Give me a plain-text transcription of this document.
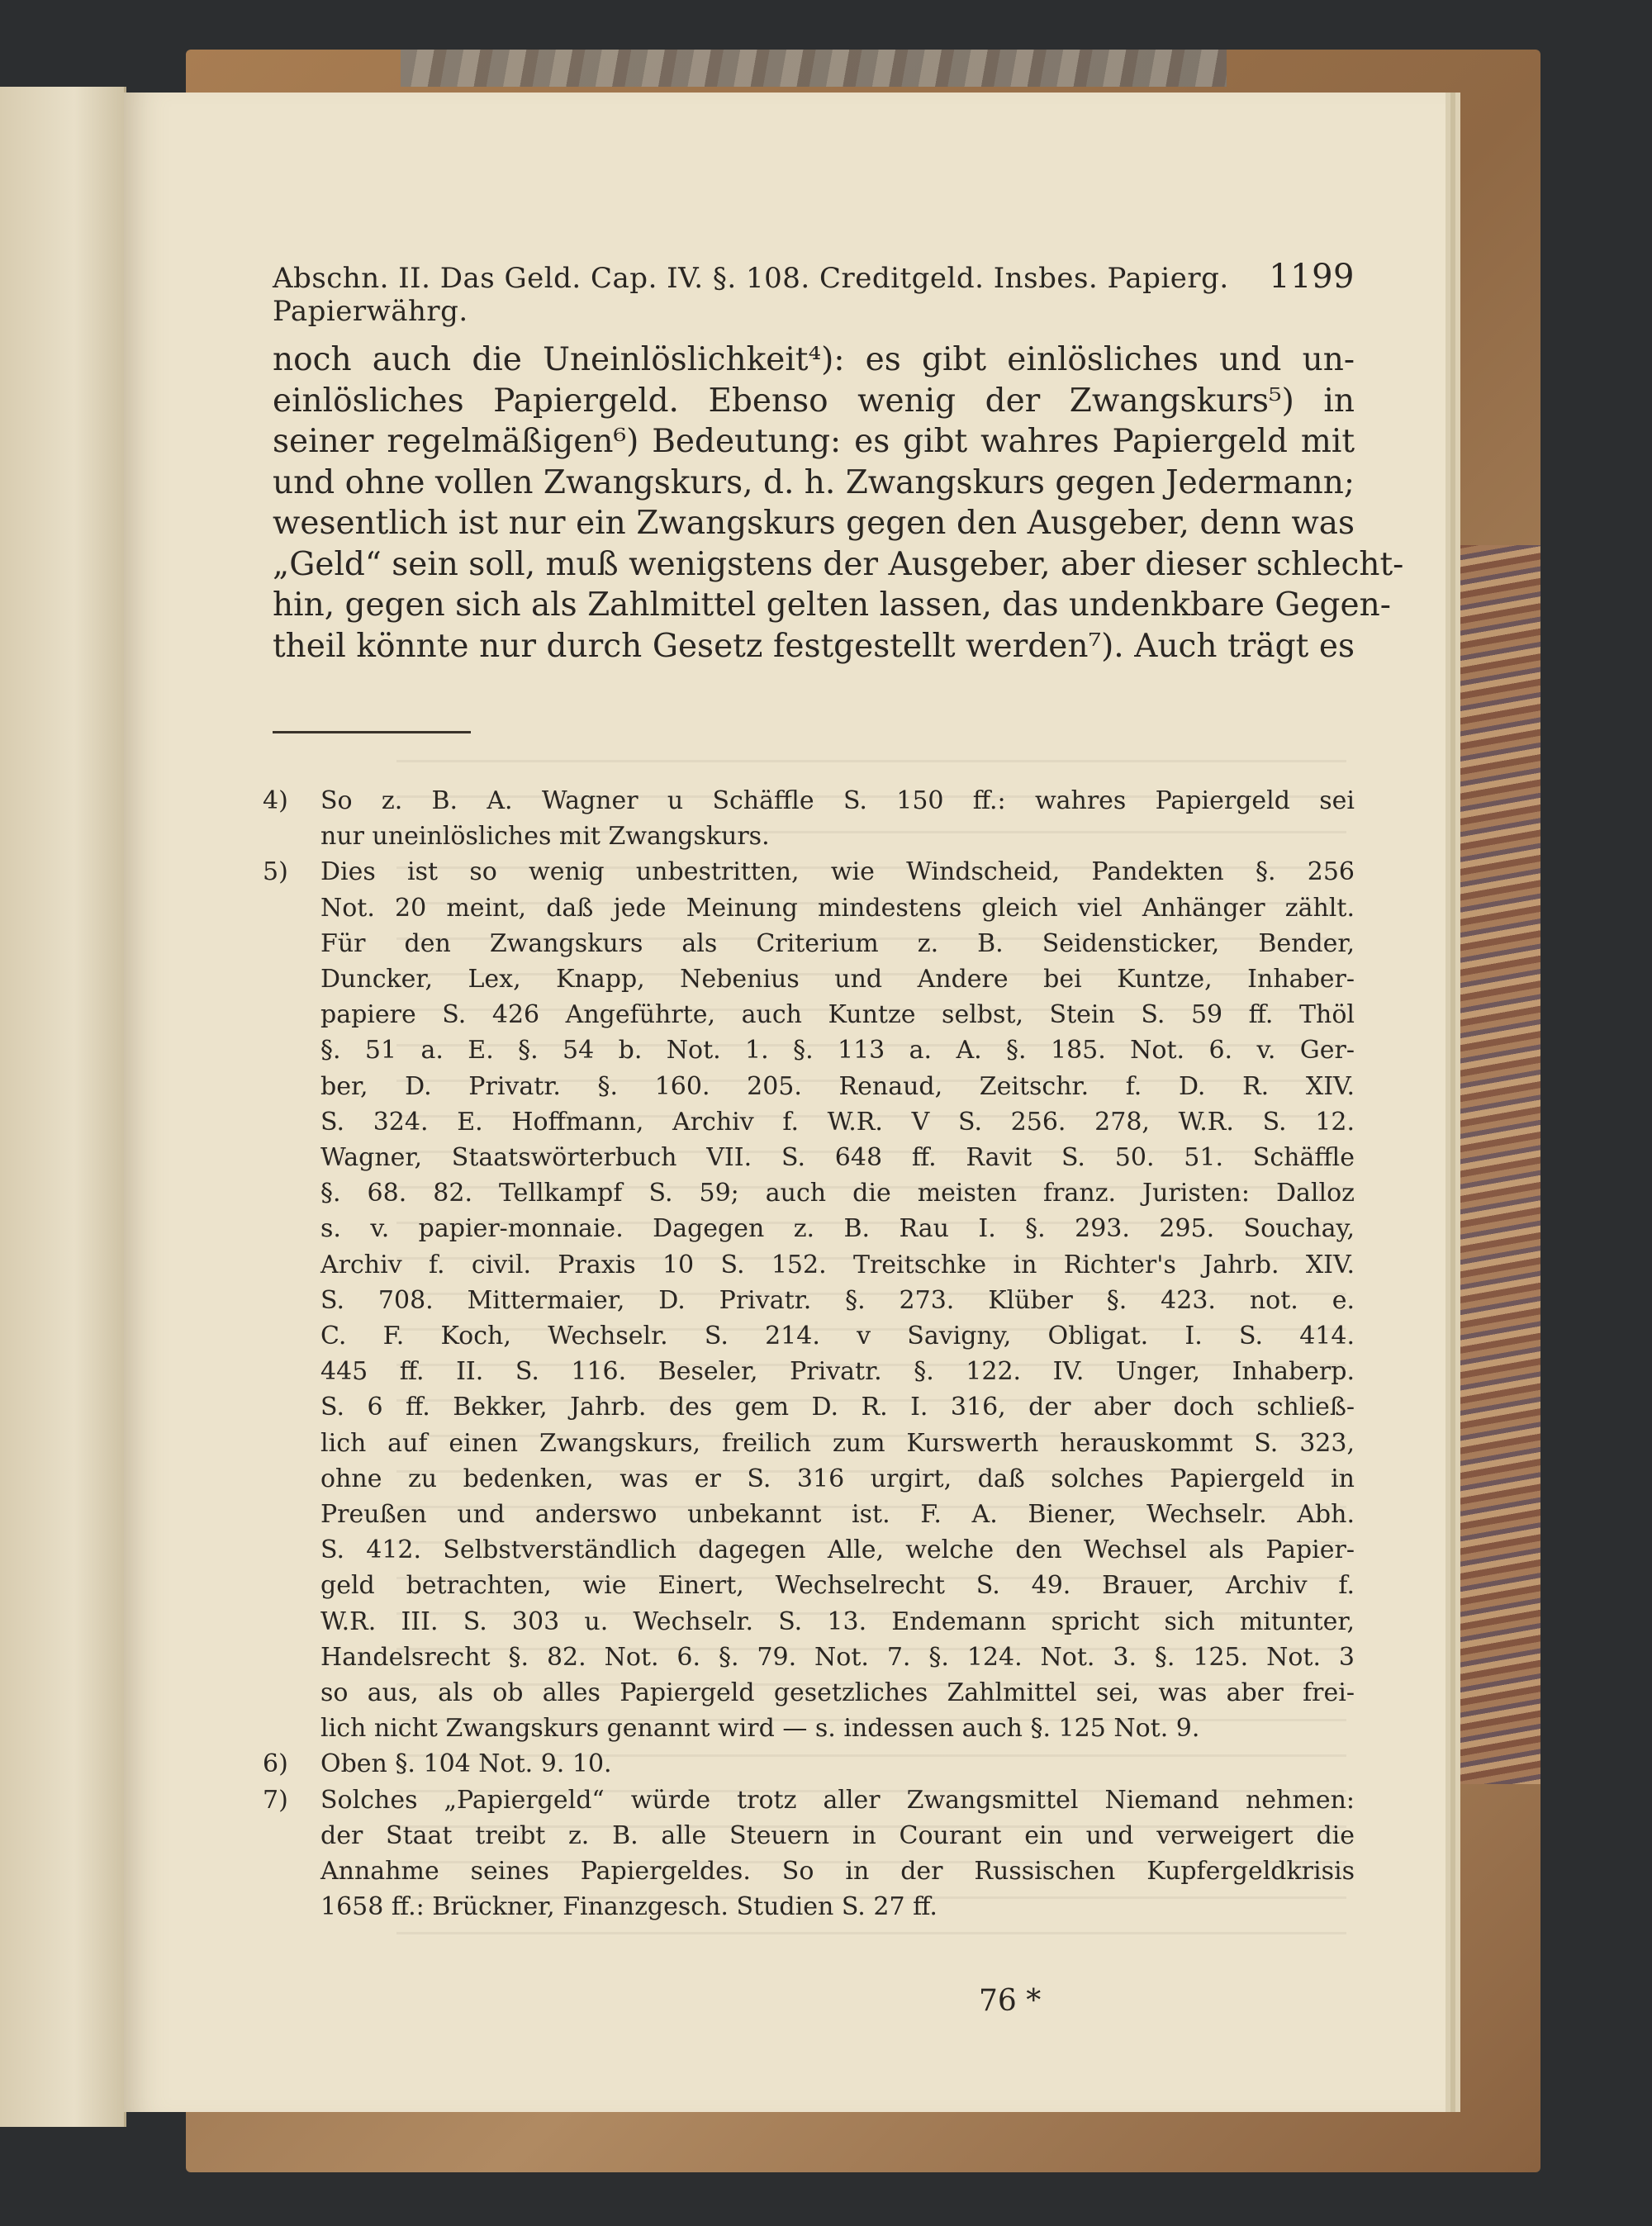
Abschn. II. Das Geld. Cap. IV. §. 108. Creditgeld. Insbes. Papierg. Papierwährg.
1199
noch auch die Uneinlöslichkeit⁴): es gibt einlösliches und un-
einlösliches Papiergeld. Ebenso wenig der Zwangskurs⁵) in
seiner regelmäßigen⁶) Bedeutung: es gibt wahres Papiergeld mit
und ohne vollen Zwangskurs, d. h. Zwangskurs gegen Jedermann;
wesentlich ist nur ein Zwangskurs gegen den Ausgeber, denn was
„Geld“ sein soll, muß wenigstens der Ausgeber, aber dieser schlecht-
hin, gegen sich als Zahlmittel gelten lassen, das undenkbare Gegen-
theil könnte nur durch Gesetz festgestellt werden⁷). Auch trägt es
4) So z. B. A. Wagner u Schäffle S. 150 ff.: wahres Papiergeld sei
nur uneinlösliches mit Zwangskurs.
5) Dies ist so wenig unbestritten, wie Windscheid, Pandekten §. 256
Not. 20 meint, daß jede Meinung mindestens gleich viel Anhänger zählt.
Für den Zwangskurs als Criterium z. B. Seidensticker, Bender,
Duncker, Lex, Knapp, Nebenius und Andere bei Kuntze, Inhaber-
papiere S. 426 Angeführte, auch Kuntze selbst, Stein S. 59 ff. Thöl
§. 51 a. E. §. 54 b. Not. 1. §. 113 a. A. §. 185. Not. 6. v. Ger-
ber, D. Privatr. §. 160. 205. Renaud, Zeitschr. f. D. R. XIV.
S. 324. E. Hoffmann, Archiv f. W.R. V S. 256. 278, W.R. S. 12.
Wagner, Staatswörterbuch VII. S. 648 ff. Ravit S. 50. 51. Schäffle
§. 68. 82. Tellkampf S. 59; auch die meisten franz. Juristen: Dalloz
s. v. papier-monnaie. Dagegen z. B. Rau I. §. 293. 295. Souchay,
Archiv f. civil. Praxis 10 S. 152. Treitschke in Richter's Jahrb. XIV.
S. 708. Mittermaier, D. Privatr. §. 273. Klüber §. 423. not. e.
C. F. Koch, Wechselr. S. 214. v Savigny, Obligat. I. S. 414.
445 ff. II. S. 116. Beseler, Privatr. §. 122. IV. Unger, Inhaberp.
S. 6 ff. Bekker, Jahrb. des gem D. R. I. 316, der aber doch schließ-
lich auf einen Zwangskurs, freilich zum Kurswerth herauskommt S. 323,
ohne zu bedenken, was er S. 316 urgirt, daß solches Papiergeld in
Preußen und anderswo unbekannt ist. F. A. Biener, Wechselr. Abh.
S. 412. Selbstverständlich dagegen Alle, welche den Wechsel als Papier-
geld betrachten, wie Einert, Wechselrecht S. 49. Brauer, Archiv f.
W.R. III. S. 303 u. Wechselr. S. 13. Endemann spricht sich mitunter,
Handelsrecht §. 82. Not. 6. §. 79. Not. 7. §. 124. Not. 3. §. 125. Not. 3
so aus, als ob alles Papiergeld gesetzliches Zahlmittel sei, was aber frei-
lich nicht Zwangskurs genannt wird — s. indessen auch §. 125 Not. 9.
6) Oben §. 104 Not. 9. 10.
7) Solches „Papiergeld“ würde trotz aller Zwangsmittel Niemand nehmen:
der Staat treibt z. B. alle Steuern in Courant ein und verweigert die
Annahme seines Papiergeldes. So in der Russischen Kupfergeldkrisis
1658 ff.: Brückner, Finanzgesch. Studien S. 27 ff.
76 *
